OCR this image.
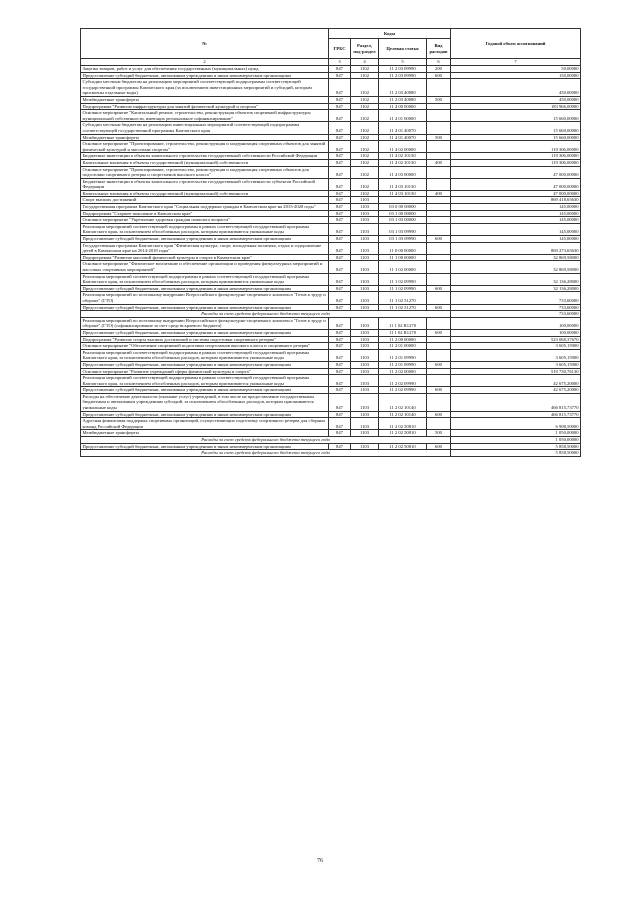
№	Коды				Годовой объем ассигнований
	ГРБС	Раздел, под-раздел	Целевая статья	Вид расходов	
2	3	4	5	6	7
Закупка товаров, работ и услуг для обеспечения государственных (муниципальных) нужд	847	1102	11 2 03 09990	200	50,00000
Предоставление субсидий бюджетным, автономным учреждениям и иным некоммерческим организациям	847	1102	11 2 03 09990	600	150,00000
Субсидии местным бюджетам на реализацию мероприятий соответствующей подпрограммы соответствующей государственной программы Камчатского края (за исключением инвестиционных мероприятий и субсидий, которым присвоены отдельные коды)	847	1102	11 2 03 40080		450,00000
Межбюджетные трансферты	847	1102	11 2 03 40080	500	450,00000
Подпрограмма "Развитие инфраструктуры для занятий физической культурой и спортом"	847	1102	11 4 00 00000		183 966,00000
Основное мероприятие "Капитальный ремонт, строительство, реконструкция объектов спортивной инфраструктуры муниципальной собственности, имеющих региональное софинансирование"	847	1102	11 4 01 00000		15 660,00000
Субсидии местным бюджетам на реализацию инвестиционных мероприятий соответствующей подпрограммы соответствующей государственной программы Камчатского края	847	1102	11 4 01 40070		15 660,00000
Межбюджетные трансферты	847	1102	11 4 01 40070	500	15 660,00000
Основное мероприятие "Проектирование, строительство, реконструкция и модернизация спортивных объектов для занятий физической культурой и массовым спортом"	847	1102	11 4 02 00000		119 306,00000
Бюджетные инвестиции в объекты капитального строительства государственной собственности Российской Федерации	847	1102	11 4 02 10130		119 306,00000
Капитальные вложения в объекты государственной (муниципальной) собственности	847	1102	11 4 02 10130	400	119 306,00000
Основное мероприятие "Проектирование, строительство, реконструкция и модернизация спортивных объектов для подготовки спортивного резерва и спортсменов высокого класса"	847	1102	11 4 03 00000		47 000,00000
Бюджетные инвестиции в объекты капитального строительства государственной собственности субъектов Российской Федерации	847	1102	11 4 03 10130		47 000,00000
Капитальные вложения в объекты государственной (муниципальной) собственности	847	1102	11 4 03 10130	400	47 000,00000
Спорт высших достижений	847	1103			869 418,65630
Государственная программа Камчатского края "Социальная поддержка граждан в Камчатском крае на 2015-2020 годы"	847	1103	03 0 00 00000		145,00000
Подпрограмма "Старшее поколение в Камчатском крае"	847	1103	03 1 00 00000		145,00000
Основное мероприятие "Укрепление здоровья граждан пожилого возраста"	847	1103	03 1 03 00000		145,00000
Реализация мероприятий соответствующей подпрограммы в рамках соответствующей государственной программы Камчатского края, за исключением обособленных расходов, которым присваиваются уникальные коды	847	1103	03 1 03 09990		145,00000
Предоставление субсидий бюджетным, автономным учреждениям и иным некоммерческим организациям	847	1103	03 1 03 09990	600	145,00000
Государственная программа Камчатского края "Физическая культура, спорт, молодежная политика, отдых и оздоровление детей в Камчатском крае на 2014-2018 годы"	847	1103	11 0 00 00000		869 273,65630
Подпрограмма "Развитие массовой физической культуры и спорта в Камчатском крае"	847	1103	11 1 00 00000		32 869,58000
Основное мероприятие "Физическое воспитание и обеспечение организации и проведения физкультурных мероприятий и массовых спортивных мероприятий"	847	1103	11 1 02 00000		32 869,58000
Реализация мероприятий соответствующей подпрограммы в рамках соответствующей государственной программы Камчатского края, за исключением обособленных расходов, которым присваиваются уникальные коды	847	1103	11 1 02 09990		32 136,28000
Предоставление субсидий бюджетным, автономным учреждениям и иным некоммерческим организациям	847	1103	11 1 02 09990	600	32 136,28000
Реализация мероприятий по поэтапному внедрению Всероссийского физкультурно-спортивного комплекса "Готов к труду и обороне" (ГТО)	847	1103	11 1 02 51270		733,60000
Предоставление субсидий бюджетным, автономным учреждениям и иным некоммерческим организациям	847	1103	11 1 02 51270	600	733,60000
Расходы за счет средств федерального бюджета текущего года					733,60000
Реализация мероприятий по поэтапному внедрению Всероссийского физкультурно-спортивного комплекса "Готов к труду и обороне" (ГТО) (софинансирование за счет средств краевого бюджета)	847	1103	11 1 02 R1270		100,00000
Предоставление субсидий бюджетным, автономным учреждениям и иным некоммерческим организациям	847	1103	11 1 02 R1270	600	100,00000
Подпрограмма "Развитие спорта высших достижений и системы подготовки спортивного резерва"	847	1103	11 2 00 00000		523 068,37670
Основное мероприятие "Обеспечение спортивной подготовки спортсменов высокого класса и спортивного резерва"	847	1103	11 2 01 00000		3 605,15900
Реализация мероприятий соответствующей подпрограммы в рамках соответствующей государственной программы Камчатского края, за исключением обособленных расходов, которым присваиваются уникальные коды	847	1103	11 2 01 09990		3 605,15900
Предоставление субсидий бюджетным, автономным учреждениям и иным некоммерческим организациям	847	1103	11 2 01 09990	600	3 605,15900
Основное мероприятие "Развитие учреждений сферы физической культуры и спорта"	847	1103	11 2 02 00000		519 730,76130
Реализация мероприятий соответствующей подпрограммы в рамках соответствующей государственной программы Камчатского края, за исключением обособленных расходов, которым присваиваются уникальные коды	847	1103	11 2 02 09990		42 675,20000
Предоставление субсидий бюджетным, автономным учреждениям и иным некоммерческим организациям	847	1103	11 2 02 09990	600	42 675,20000
Расходы на обеспечение деятельности (оказание услуг) учреждений, в том числе на предоставление государственным бюджетным и автономным учреждениям субсидий, за исключением обособленных расходов, которым присваиваются уникальные коды	847	1103	11 2 02 10140		466 815,73770
Предоставление субсидий бюджетным, автономным учреждениям и иным некоммерческим организациям	847	1103	11 2 02 10140	600	466 815,73770
Адресная финансовая поддержка спортивных организаций, осуществляющих подготовку спортивного резерва для сборных команд Российской Федерации	847	1103	11 2 02 50810		6 908,50000
Межбюджетные трансферты	847	1103	11 2 02 50810	500	1 050,00000
Расходы за счет средств федерального бюджета текущего года					1 050,00000
Предоставление субсидий бюджетным, автономным учреждениям и иным некоммерческим организациям	847	1103	11 2 02 50810	600	5 858,50000
Расходы за счет средств федерального бюджета текущего года					5 858,50000
76
